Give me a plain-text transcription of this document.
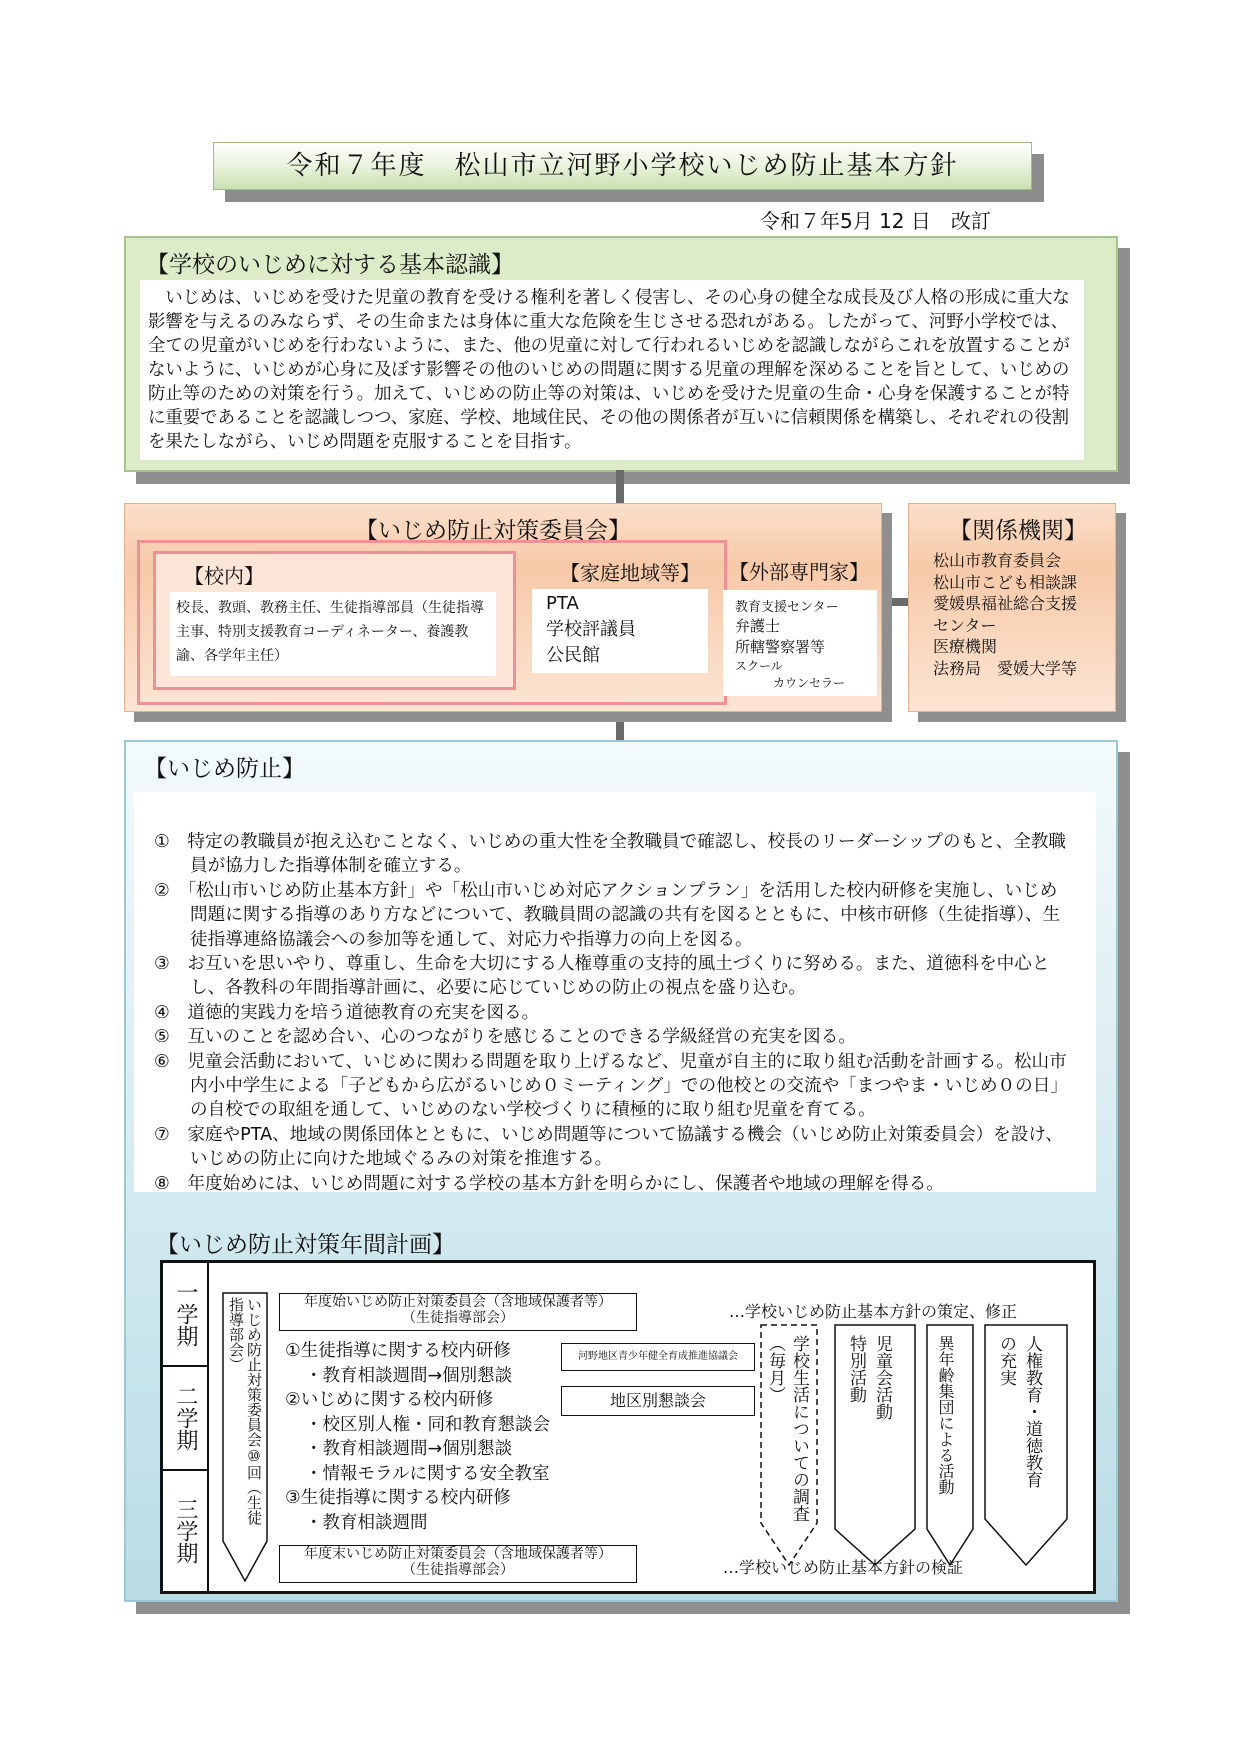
令和７年度　松山市立河野小学校いじめ防止基本方針
令和７年5月 12 日　改訂
【学校のいじめに対する基本認識】
いじめは、いじめを受けた児童の教育を受ける権利を著しく侵害し、その心身の健全な成長及び人格の形成に重大な影響を与えるのみならず、その生命または身体に重大な危険を生じさせる恐れがある。したがって、河野小学校では、全ての児童がいじめを行わないように、また、他の児童に対して行われるいじめを認識しながらこれを放置することがないように、いじめが心身に及ぼす影響その他のいじめの問題に関する児童の理解を深めることを旨として、いじめの防止等のための対策を行う。加えて、いじめの防止等の対策は、いじめを受けた児童の生命・心身を保護することが特に重要であることを認識しつつ、家庭、学校、地域住民、その他の関係者が互いに信頼関係を構築し、それぞれの役割を果たしながら、いじめ問題を克服することを目指す。
【いじめ防止対策委員会】
【校内】
校長、教頭、教務主任、生徒指導部員（生徒指導主事、特別支援教育コーディネーター、養護教諭、各学年主任）
【家庭地域等】
PTA
学校評議員
公民館
【外部専門家】
教育支援センター
弁護士
所轄警察署等
スクール
カウンセラー
【関係機関】
松山市教育委員会
松山市こども相談課
愛媛県福祉総合支援
センター
医療機関
法務局　愛媛大学等
【いじめ防止】
①　特定の教職員が抱え込むことなく、いじめの重大性を全教職員で確認し、校長のリーダーシップのもと、全教職員が協力した指導体制を確立する。
②　「松山市いじめ防止基本方針」や「松山市いじめ対応アクションプラン」を活用した校内研修を実施し、いじめ問題に関する指導のあり方などについて、教職員間の認識の共有を図るとともに、中核市研修（生徒指導）、生徒指導連絡協議会への参加等を通して、対応力や指導力の向上を図る。
③　お互いを思いやり、尊重し、生命を大切にする人権尊重の支持的風土づくりに努める。また、道徳科を中心とし、各教科の年間指導計画に、必要に応じていじめの防止の視点を盛り込む。
④　道徳的実践力を培う道徳教育の充実を図る。
⑤　互いのことを認め合い、心のつながりを感じることのできる学級経営の充実を図る。
⑥　児童会活動において、いじめに関わる問題を取り上げるなど、児童が自主的に取り組む活動を計画する。松山市内小中学生による「子どもから広がるいじめ０ミーティング」での他校との交流や「まつやま・いじめ０の日」の自校での取組を通して、いじめのない学校づくりに積極的に取り組む児童を育てる。
⑦　家庭やPTA、地域の関係団体とともに、いじめ問題等について協議する機会（いじめ防止対策委員会）を設け、いじめの防止に向けた地域ぐるみの対策を推進する。
⑧　年度始めには、いじめ問題に対する学校の基本方針を明らかにし、保護者や地域の理解を得る。
【いじめ防止対策年間計画】
一学期
二学期
三学期
いじめ防止対策委員会⑩回（生徒指導部会）	年度始いじめ防止対策委員会（含地域保護者等）
（生徒指導部会）	…学校いじめ防止基本方針の策定、修正
①生徒指導に関する校内研修
・教育相談週間→個別懇談
②いじめに関する校内研修
・校区別人権・同和教育懇談会
・教育相談週間→個別懇談
・情報モラルに関する安全教室
③生徒指導に関する校内研修
・教育相談週間
河野地区青少年健全育成推進協議会
地区別懇談会	学校生活についての調査（毎月）	児童会活動
特別活動	異年齢集団による活動	人権教育・道徳教育
の充実
年度末いじめ防止対策委員会（含地域保護者等）
（生徒指導部会）	…学校いじめ防止基本方針の検証
